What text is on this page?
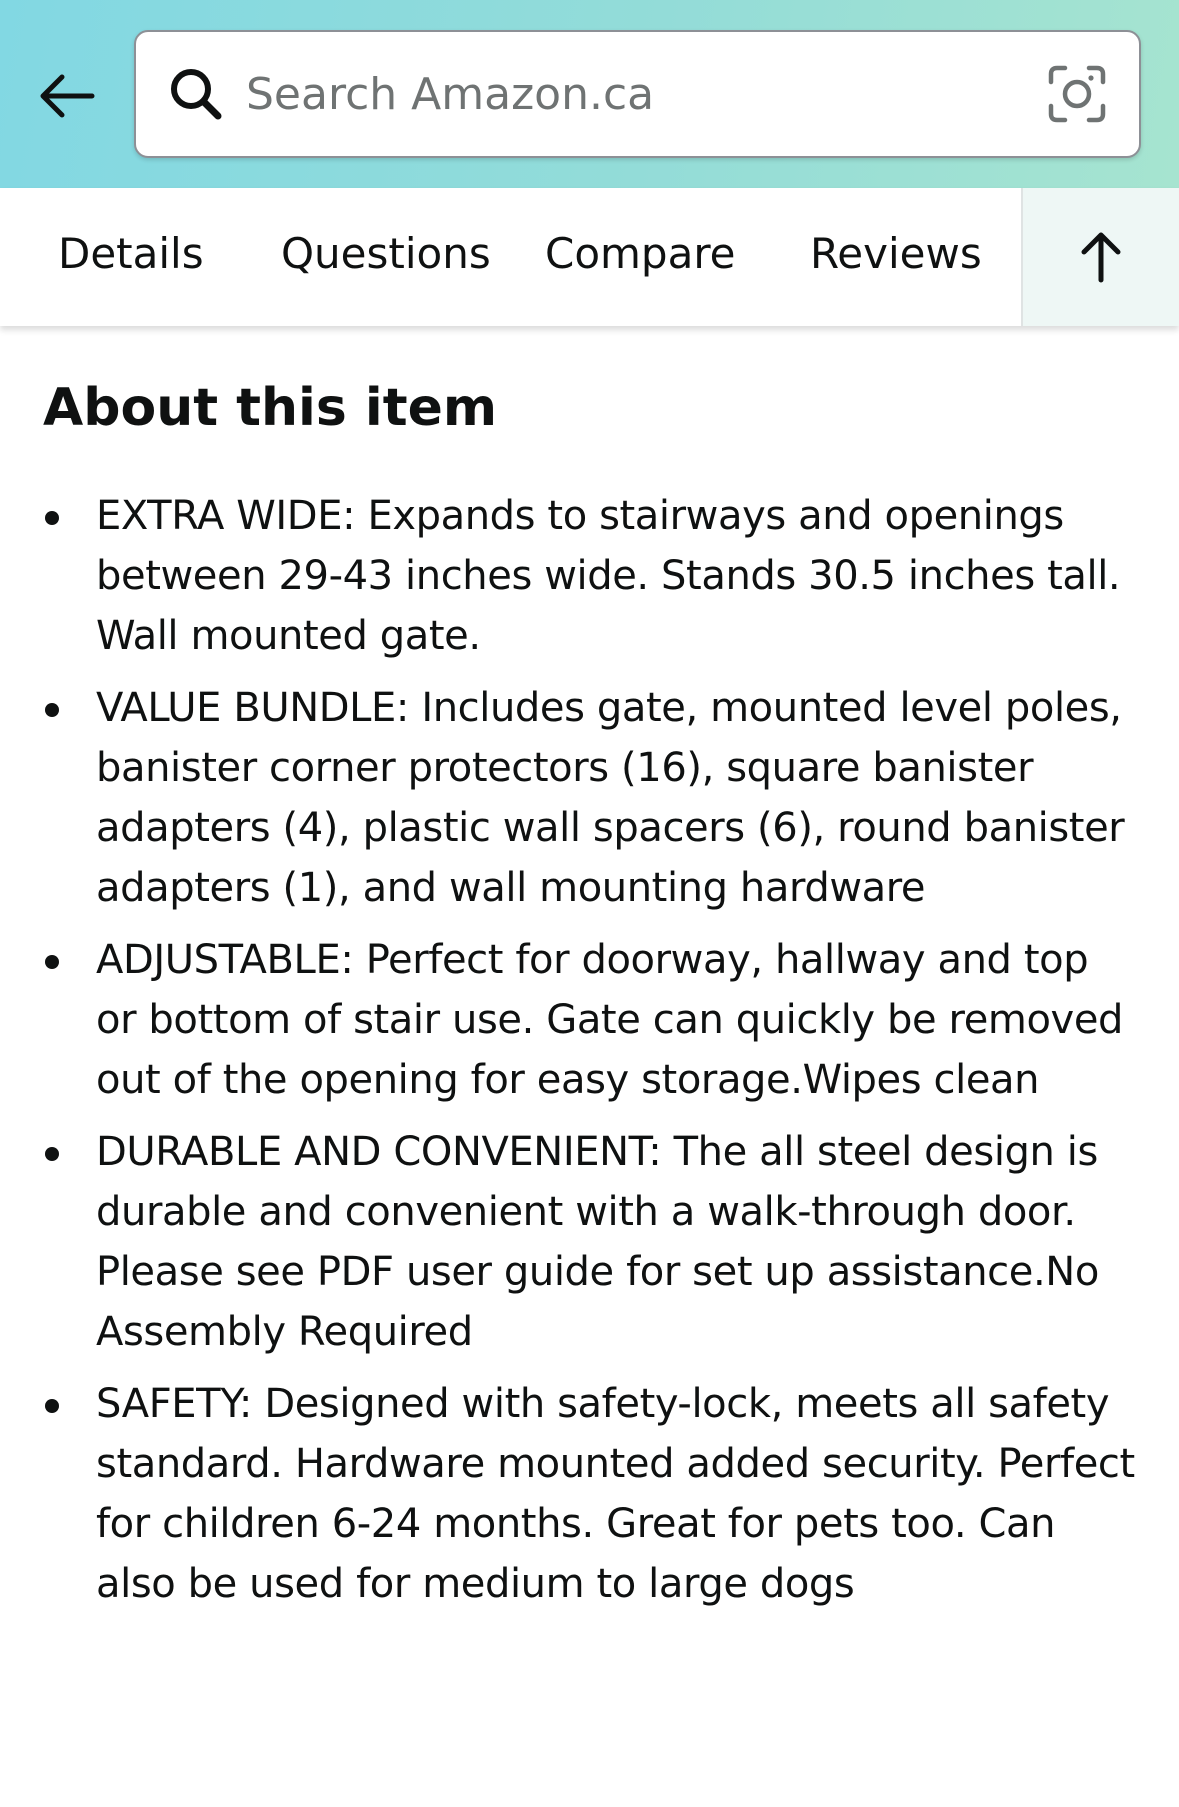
Search Amazon.ca
Details Questions Compare Reviews
About this item
EXTRA WIDE: Expands to stairways and openings between 29-43 inches wide. Stands 30.5 inches tall. Wall mounted gate.
VALUE BUNDLE: Includes gate, mounted level poles, banister corner protectors (16), square banister adapters (4), plastic wall spacers (6), round banister adapters (1), and wall mounting hardware
ADJUSTABLE: Perfect for doorway, hallway and top or bottom of stair use. Gate can quickly be removed out of the opening for easy storage.Wipes clean
DURABLE AND CONVENIENT: The all steel design is durable and convenient with a walk-through door. Please see PDF user guide for set up assistance.No Assembly Required
SAFETY: Designed with safety-lock, meets all safety standard. Hardware mounted added security. Perfect for children 6-24 months. Great for pets too. Can also be used for medium to large dogs
